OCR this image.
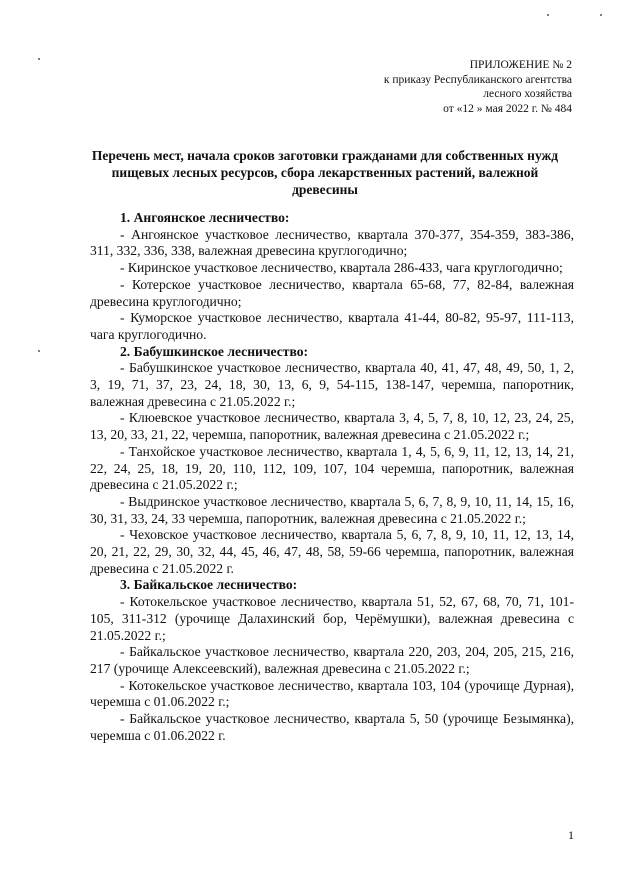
ПРИЛОЖЕНИЕ № 2
к приказу Республиканского агентства
лесного хозяйства
от «12 » мая 2022 г. № 484
Перечень мест, начала сроков заготовки гражданами для собственных нужд пищевых лесных ресурсов, сбора лекарственных растений, валежной древесины

1. Ангоянское лесничество:

- Ангоянское участковое лесничество, квартала 370-377, 354-359, 383-386, 311, 332, 336, 338, валежная древесина круглогодично;

- Киринское участковое лесничество, квартала 286-433, чага круглогодично;

- Котерское участковое лесничество, квартала 65-68, 77, 82-84, валежная древесина круглогодично;

- Куморское участковое лесничество, квартала 41-44, 80-82, 95-97, 111-113, чага круглогодично.

2. Бабушкинское лесничество:

- Бабушкинское участковое лесничество, квартала 40, 41, 47, 48, 49, 50, 1, 2, 3, 19, 71, 37, 23, 24, 18, 30, 13, 6, 9, 54-115, 138-147, черемша, папоротник, валежная древесина с 21.05.2022 г.;

- Клюевское участковое лесничество, квартала 3, 4, 5, 7, 8, 10, 12, 23, 24, 25, 13, 20, 33, 21, 22, черемша, папоротник, валежная древесина с 21.05.2022 г.;

- Танхойское участковое лесничество, квартала 1, 4, 5, 6, 9, 11, 12, 13, 14, 21, 22, 24, 25, 18, 19, 20, 110, 112, 109, 107, 104 черемша, папоротник, валежная древесина с 21.05.2022 г.;

- Выдринское участковое лесничество, квартала 5, 6, 7, 8, 9, 10, 11, 14, 15, 16, 30, 31, 33, 24, 33 черемша, папоротник, валежная древесина с 21.05.2022 г.;

- Чеховское участковое лесничество, квартала 5, 6, 7, 8, 9, 10, 11, 12, 13, 14, 20, 21, 22, 29, 30, 32, 44, 45, 46, 47, 48, 58, 59-66 черемша, папоротник, валежная древесина с 21.05.2022 г.

3. Байкальское лесничество:

- Котокельское участковое лесничество, квартала 51, 52, 67, 68, 70, 71, 101-105, 311-312 (урочище Далахинский бор, Черёмушки), валежная древесина с 21.05.2022 г.;

- Байкальское участковое лесничество, квартала 220, 203, 204, 205, 215, 216, 217 (урочище Алексеевский), валежная древесина с 21.05.2022 г.;

- Котокельское участковое лесничество, квартала 103, 104 (урочище Дурная), черемша с 01.06.2022 г.;

- Байкальское участковое лесничество, квартала 5, 50 (урочище Безымянка), черемша с 01.06.2022 г.

1
